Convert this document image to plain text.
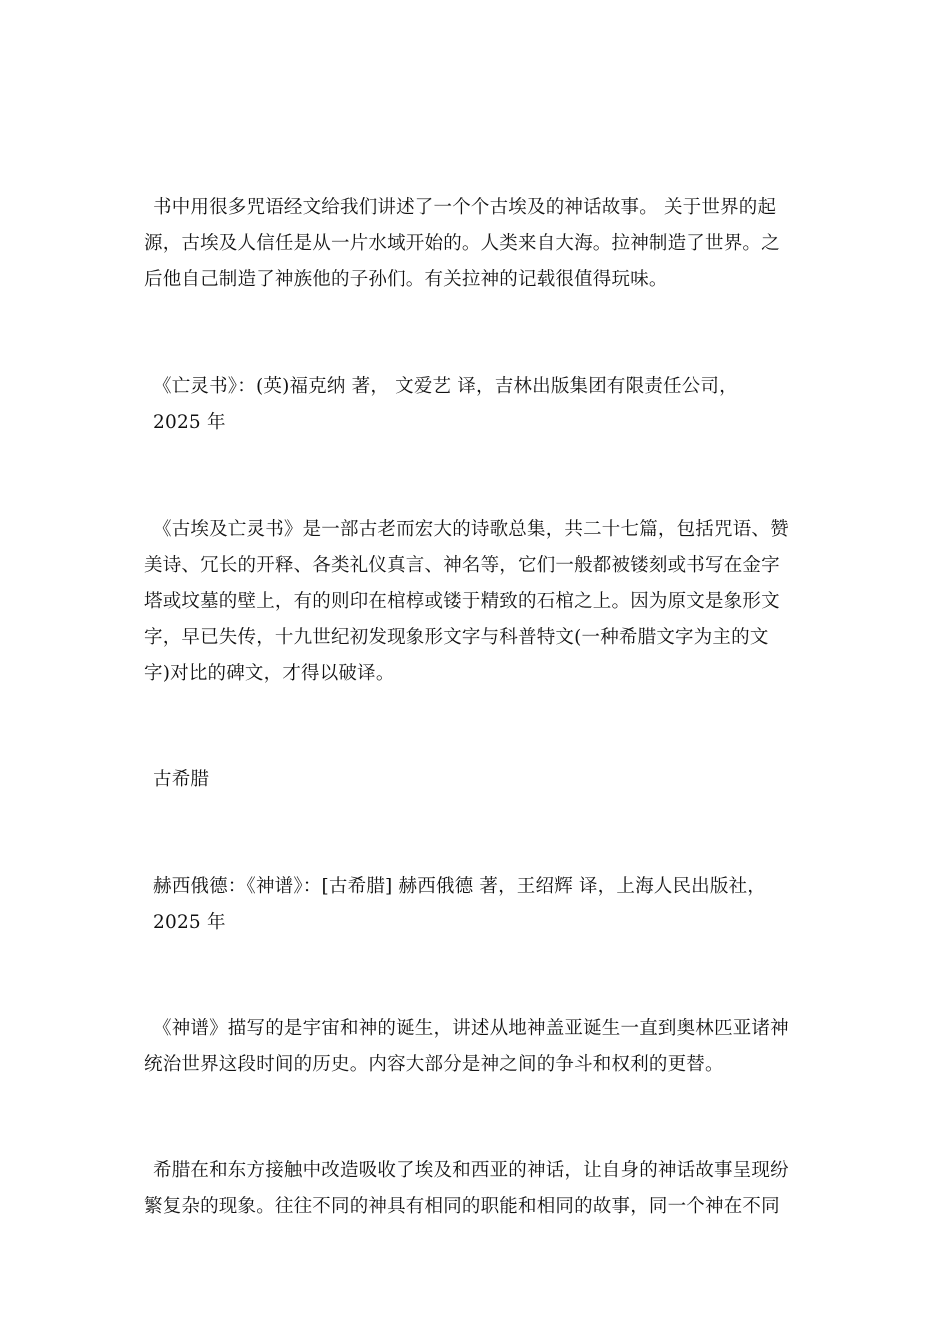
书中用很多咒语经文给我们讲述了一个个古埃及的神话故事。 关于世界的起
源，古埃及人信任是从一片水域开始的。人类来自大海。拉神制造了世界。之
后他自己制造了神族他的子孙们。有关拉神的记载很值得玩味。

《亡灵书》：(英)福克纳 著， 文爱艺 译，吉林出版集团有限责任公司，
2025 年

《古埃及亡灵书》是一部古老而宏大的诗歌总集，共二十七篇，包括咒语、赞
美诗、冗长的开释、各类礼仪真言、神名等，它们一般都被镂刻或书写在金字
塔或坟墓的壁上，有的则印在棺椁或镂于精致的石棺之上。因为原文是象形文
字，早已失传，十九世纪初发现象形文字与科普特文(一种希腊文字为主的文
字)对比的碑文，才得以破译。

古希腊

赫西俄德：《神谱》：[古希腊] 赫西俄德 著，王绍辉 译，上海人民出版社，
2025 年

《神谱》描写的是宇宙和神的诞生，讲述从地神盖亚诞生一直到奥林匹亚诸神
统治世界这段时间的历史。内容大部分是神之间的争斗和权利的更替。

希腊在和东方接触中改造吸收了埃及和西亚的神话，让自身的神话故事呈现纷
繁复杂的现象。往往不同的神具有相同的职能和相同的故事，同一个神在不同
